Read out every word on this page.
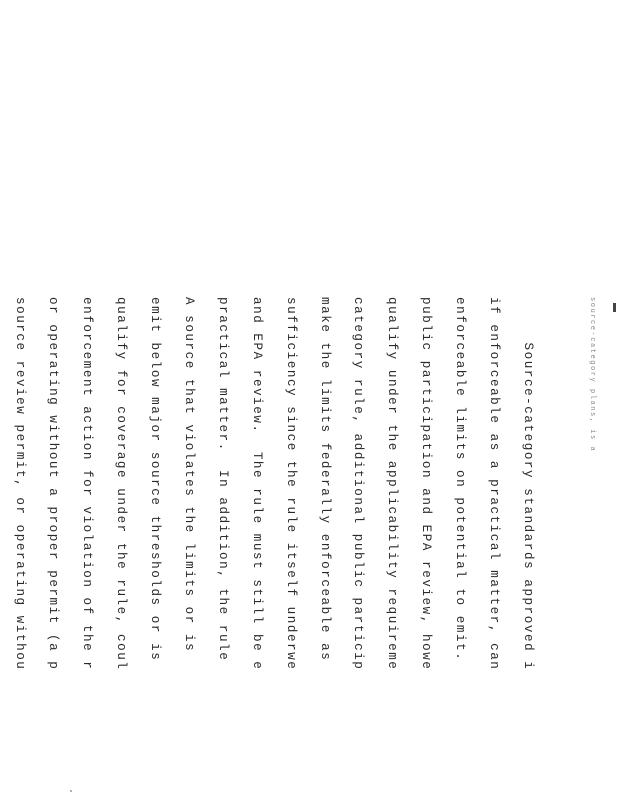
source-category plans, is a

Source-category standards approved i

if enforceable as a practical matter, can

enforceable limits on potential to emit.

public participation and EPA review, howe

qualify under the applicability requireme

category rule, additional public particip

make the limits federally enforceable as

sufficiency since the rule itself underwe

and EPA review.  The rule must still be e

practical matter.  In addition, the rule

A source that violates the limits or is

emit below major source thresholds or is

qualify for coverage under the rule, coul

enforcement action for violation of the r

or operating without a proper permit (a p

source review permit, or operating withou
